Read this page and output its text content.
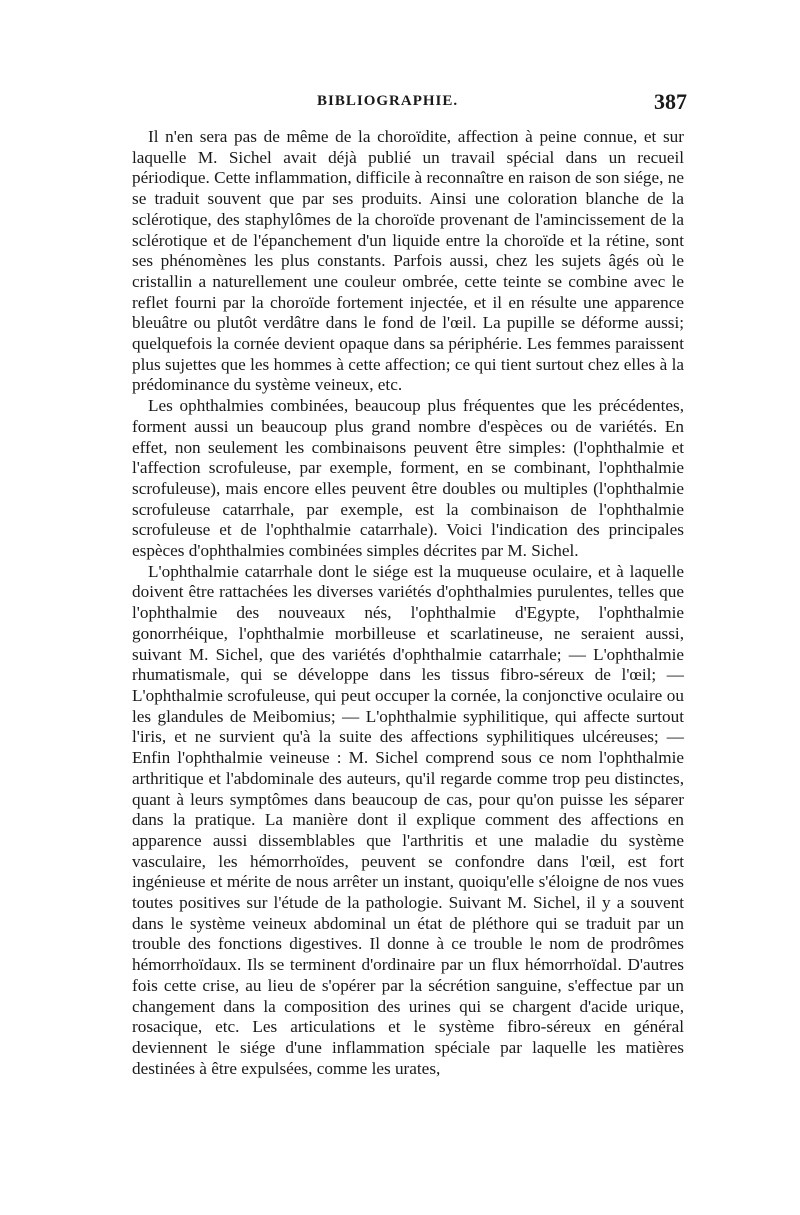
BIBLIOGRAPHIE.	387

Il n'en sera pas de même de la choroïdite, affection à peine connue, et sur laquelle M. Sichel avait déjà publié un travail spécial dans un recueil périodique. Cette inflammation, difficile à reconnaître en raison de son siége, ne se traduit souvent que par ses produits. Ainsi une coloration blanche de la sclérotique, des staphylômes de la choroïde provenant de l'amincissement de la sclérotique et de l'épanchement d'un liquide entre la choroïde et la rétine, sont ses phénomènes les plus constants. Parfois aussi, chez les sujets âgés où le cristallin a naturellement une couleur ombrée, cette teinte se combine avec le reflet fourni par la choroïde fortement injectée, et il en résulte une apparence bleuâtre ou plutôt verdâtre dans le fond de l'œil. La pupille se déforme aussi; quelquefois la cornée devient opaque dans sa périphérie. Les femmes paraissent plus sujettes que les hommes à cette affection; ce qui tient surtout chez elles à la prédominance du système veineux, etc.

Les ophthalmies combinées, beaucoup plus fréquentes que les précédentes, forment aussi un beaucoup plus grand nombre d'espèces ou de variétés. En effet, non seulement les combinaisons peuvent être simples: (l'ophthalmie et l'affection scrofuleuse, par exemple, forment, en se combinant, l'ophthalmie scrofuleuse), mais encore elles peuvent être doubles ou multiples (l'ophthalmie scrofuleuse catarrhale, par exemple, est la combinaison de l'ophthalmie scrofuleuse et de l'ophthalmie catarrhale). Voici l'indication des principales espèces d'ophthalmies combinées simples décrites par M. Sichel.

L'ophthalmie catarrhale dont le siége est la muqueuse oculaire, et à laquelle doivent être rattachées les diverses variétés d'ophthalmies purulentes, telles que l'ophthalmie des nouveaux nés, l'ophthalmie d'Egypte, l'ophthalmie gonorrhéique, l'ophthalmie morbilleuse et scarlatineuse, ne seraient aussi, suivant M. Sichel, que des variétés d'ophthalmie catarrhale; — L'ophthalmie rhumatismale, qui se développe dans les tissus fibro-séreux de l'œil; — L'ophthalmie scrofuleuse, qui peut occuper la cornée, la conjonctive oculaire ou les glandules de Meibomius; — L'ophthalmie syphilitique, qui affecte surtout l'iris, et ne survient qu'à la suite des affections syphilitiques ulcéreuses; — Enfin l'ophthalmie veineuse : M. Sichel comprend sous ce nom l'ophthalmie arthritique et l'abdominale des auteurs, qu'il regarde comme trop peu distinctes, quant à leurs symptômes dans beaucoup de cas, pour qu'on puisse les séparer dans la pratique. La manière dont il explique comment des affections en apparence aussi dissemblables que l'arthritis et une maladie du système vasculaire, les hémorrhoïdes, peuvent se confondre dans l'œil, est fort ingénieuse et mérite de nous arrêter un instant, quoiqu'elle s'éloigne de nos vues toutes positives sur l'étude de la pathologie. Suivant M. Sichel, il y a souvent dans le système veineux abdominal un état de pléthore qui se traduit par un trouble des fonctions digestives. Il donne à ce trouble le nom de prodrômes hémorrhoïdaux. Ils se terminent d'ordinaire par un flux hémorrhoïdal. D'autres fois cette crise, au lieu de s'opérer par la sécrétion sanguine, s'effectue par un changement dans la composition des urines qui se chargent d'acide urique, rosacique, etc. Les articulations et le système fibro-séreux en général deviennent le siége d'une inflammation spéciale par laquelle les matières destinées à être expulsées, comme les urates,
